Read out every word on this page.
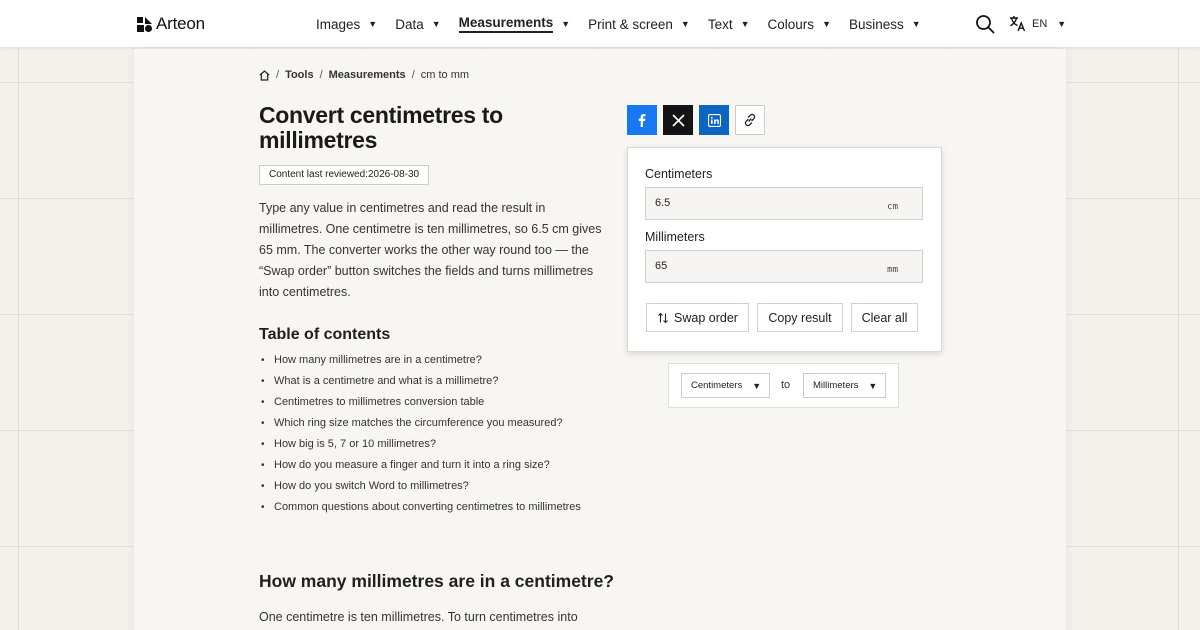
Arteon	Images ▼ Data ▼ Measurements ▼ Print & screen ▼ Text ▼ Colours ▼ Business ▼	EN ▼
/ Tools / Measurements / cm to mm
Convert centimetres to millimetres
Content last reviewed: 2026-08-30

Type any value in centimetres and read the result in millimetres. One centimetre is ten millimetres, so 6.5 cm gives 65 mm. The converter works the other way round too — the “Swap order” button switches the fields and turns millimetres into centimetres.

Table of contents
• How many millimetres are in a centimetre?
• What is a centimetre and what is a millimetre?
• Centimetres to millimetres conversion table
• Which ring size matches the circumference you measured?
• How big is 5, 7 or 10 millimetres?
• How do you measure a finger and turn it into a ring size?
• How do you switch Word to millimetres?
• Common questions about converting centimetres to millimetres
How many millimetres are in a centimetre?

One centimetre is ten millimetres. To turn centimetres into

Centimeters
6.5	cm
Millimeters
65	mm
Swap order	Copy result	Clear all
Centimeters ▼ to Millimeters ▼
